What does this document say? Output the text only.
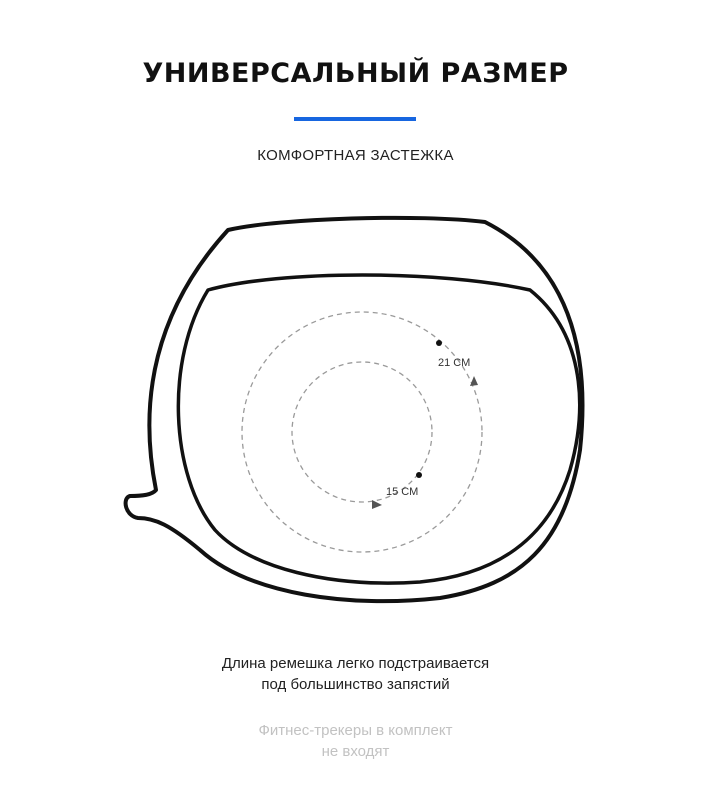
УНИВЕРСАЛЬНЫЙ РАЗМЕР
КОМФОРТНАЯ ЗАСТЕЖКА
21 СМ
15 СМ
Длина ремешка легко подстраивается
под большинство запястий
Фитнес-трекеры в комплект
не входят
